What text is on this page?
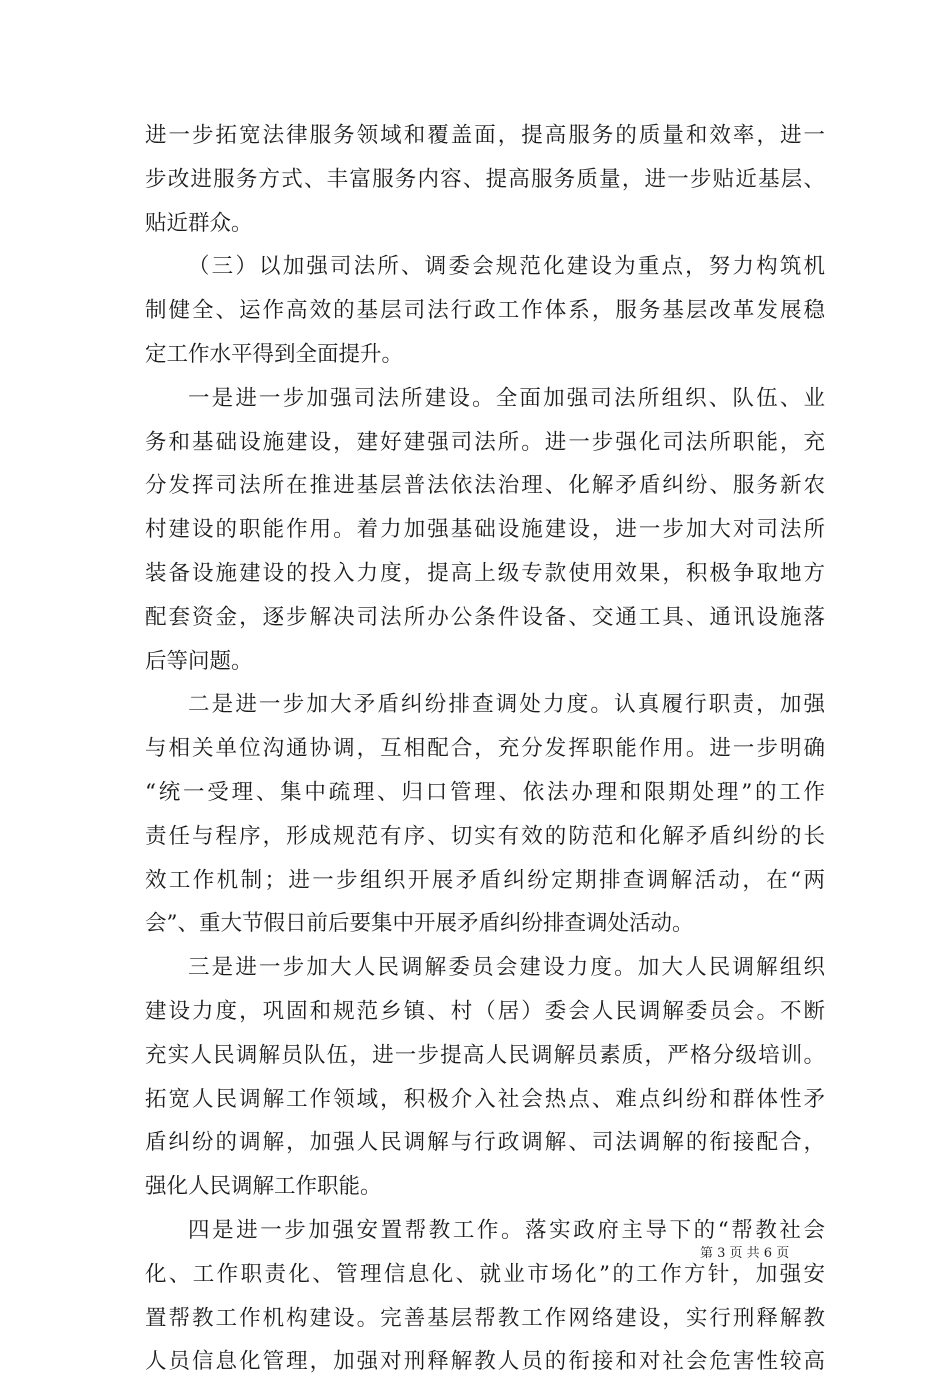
进一步拓宽法律服务领域和覆盖面，提高服务的质量和效率，进一
步改进服务方式、丰富服务内容、提高服务质量，进一步贴近基层、
贴近群众。
（三）以加强司法所、调委会规范化建设为重点，努力构筑机
制健全、运作高效的基层司法行政工作体系，服务基层改革发展稳
定工作水平得到全面提升。
一是进一步加强司法所建设。全面加强司法所组织、队伍、业
务和基础设施建设，建好建强司法所。进一步强化司法所职能，充
分发挥司法所在推进基层普法依法治理、化解矛盾纠纷、服务新农
村建设的职能作用。着力加强基础设施建设，进一步加大对司法所
装备设施建设的投入力度，提高上级专款使用效果，积极争取地方
配套资金，逐步解决司法所办公条件设备、交通工具、通讯设施落
后等问题。
二是进一步加大矛盾纠纷排查调处力度。认真履行职责，加强
与相关单位沟通协调，互相配合，充分发挥职能作用。进一步明确
“统一受理、集中疏理、归口管理、依法办理和限期处理”的工作
责任与程序，形成规范有序、切实有效的防范和化解矛盾纠纷的长
效工作机制；进一步组织开展矛盾纠纷定期排查调解活动，在“两
会”、重大节假日前后要集中开展矛盾纠纷排查调处活动。
三是进一步加大人民调解委员会建设力度。加大人民调解组织
建设力度，巩固和规范乡镇、村（居）委会人民调解委员会。不断
充实人民调解员队伍，进一步提高人民调解员素质，严格分级培训。
拓宽人民调解工作领域，积极介入社会热点、难点纠纷和群体性矛
盾纠纷的调解，加强人民调解与行政调解、司法调解的衔接配合，
强化人民调解工作职能。
四是进一步加强安置帮教工作。落实政府主导下的“帮教社会
化、工作职责化、管理信息化、就业市场化”的工作方针，加强安
置帮教工作机构建设。完善基层帮教工作网络建设，实行刑释解教
人员信息化管理，加强对刑释解教人员的衔接和对社会危害性较高
第 3 页 共 6 页
